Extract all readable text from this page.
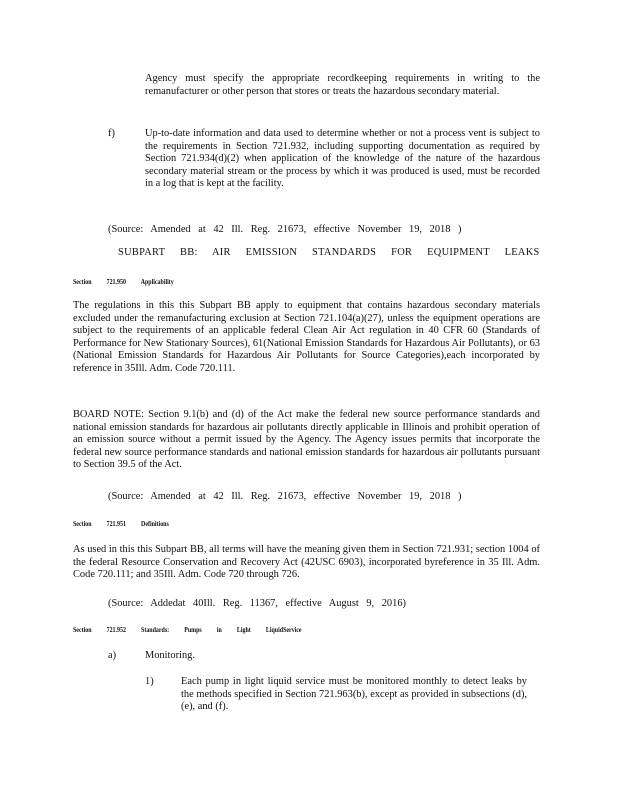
Agency must specify the appropriate recordkeeping requirements in writing to the remanufacturer or other person that stores or treats the hazardous secondary material.
f)	Up-to-date information and data used to determine whether or not a process vent is subject to the requirements in Section 721.932, including supporting documentation as required by Section 721.934(d)(2) when application of the knowledge of the nature of the hazardous secondary material stream or the process by which it was produced is used, must be recorded in a log that is kept at the facility.
(Source: Amended at 42 Ill. Reg. 21673, effective November 19, 2018 )
SUBPART BB: AIR EMISSION STANDARDS FOR EQUIPMENT LEAKS
Section 721.950 Applicability
The regulations in this this Subpart BB apply to equipment that contains hazardous secondary materials excluded under the remanufacturing exclusion at Section 721.104(a)(27), unless the equipment operations are subject to the requirements of an applicable federal Clean Air Act regulation in 40 CFR 60 (Standards of Performance for New Stationary Sources), 61(National Emission Standards for Hazardous Air Pollutants), or 63 (National Emission Standards for Hazardous Air Pollutants for Source Categories),each incorporated by reference in 35Ill. Adm. Code 720.111.
BOARD NOTE: Section 9.1(b) and (d) of the Act make the federal new source performance standards and national emission standards for hazardous air pollutants directly applicable in Illinois and prohibit operation of an emission source without a permit issued by the Agency. The Agency issues permits that incorporate the federal new source performance standards and national emission standards for hazardous air pollutants pursuant to Section 39.5 of the Act.
(Source: Amended at 42 Ill. Reg. 21673, effective November 19, 2018 )
Section 721.951 Definitions
As used in this this Subpart BB, all terms will have the meaning given them in Section 721.931; section 1004 of the federal Resource Conservation and Recovery Act (42USC 6903), incorporated byreference in 35 Ill. Adm. Code 720.111; and 35Ill. Adm. Code 720 through 726.
(Source: Addedat 40Ill. Reg. 11367, effective August 9, 2016)
Section 721.952 Standards: Pumps in Light LiquidService
a)	Monitoring.
1)	Each pump in light liquid service must be monitored monthly to detect leaks by the methods specified in Section 721.963(b), except as provided in subsections (d), (e), and (f).
